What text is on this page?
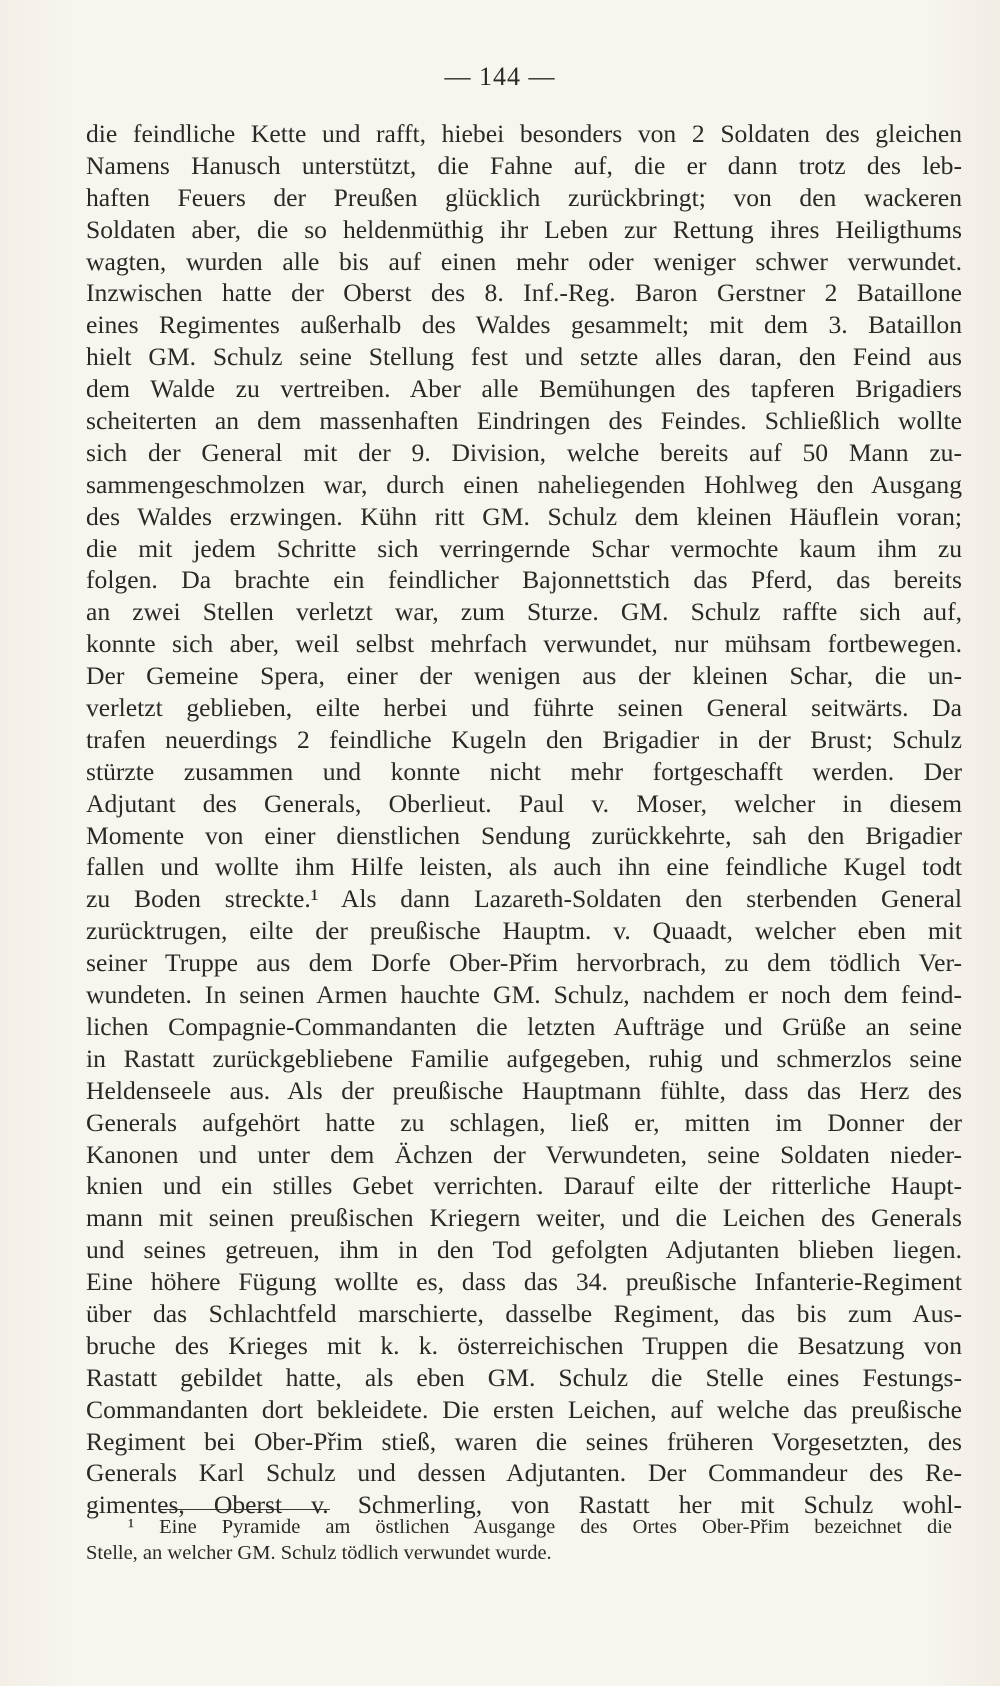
— 144 —
die feindliche Kette und rafft, hiebei besonders von 2 Soldaten des gleichen
Namens Hanusch unterstützt, die Fahne auf, die er dann trotz des leb-
haften Feuers der Preußen glücklich zurückbringt; von den wackeren
Soldaten aber, die so heldenmüthig ihr Leben zur Rettung ihres Heiligthums
wagten, wurden alle bis auf einen mehr oder weniger schwer verwundet.
Inzwischen hatte der Oberst des 8. Inf.-Reg. Baron Gerstner 2 Bataillone
eines Regimentes außerhalb des Waldes gesammelt; mit dem 3. Bataillon
hielt GM. Schulz seine Stellung fest und setzte alles daran, den Feind aus
dem Walde zu vertreiben. Aber alle Bemühungen des tapferen Brigadiers
scheiterten an dem massenhaften Eindringen des Feindes. Schließlich wollte
sich der General mit der 9. Division, welche bereits auf 50 Mann zu-
sammengeschmolzen war, durch einen naheliegenden Hohlweg den Ausgang
des Waldes erzwingen. Kühn ritt GM. Schulz dem kleinen Häuflein voran;
die mit jedem Schritte sich verringernde Schar vermochte kaum ihm zu
folgen. Da brachte ein feindlicher Bajonnettstich das Pferd, das bereits
an zwei Stellen verletzt war, zum Sturze. GM. Schulz raffte sich auf,
konnte sich aber, weil selbst mehrfach verwundet, nur mühsam fortbewegen.
Der Gemeine Spera, einer der wenigen aus der kleinen Schar, die un-
verletzt geblieben, eilte herbei und führte seinen General seitwärts. Da
trafen neuerdings 2 feindliche Kugeln den Brigadier in der Brust; Schulz
stürzte zusammen und konnte nicht mehr fortgeschafft werden. Der
Adjutant des Generals, Oberlieut. Paul v. Moser, welcher in diesem
Momente von einer dienstlichen Sendung zurückkehrte, sah den Brigadier
fallen und wollte ihm Hilfe leisten, als auch ihn eine feindliche Kugel todt
zu Boden streckte.¹ Als dann Lazareth-Soldaten den sterbenden General
zurücktrugen, eilte der preußische Hauptm. v. Quaadt, welcher eben mit
seiner Truppe aus dem Dorfe Ober-Přim hervorbrach, zu dem tödlich Ver-
wundeten. In seinen Armen hauchte GM. Schulz, nachdem er noch dem feind-
lichen Compagnie-Commandanten die letzten Aufträge und Grüße an seine
in Rastatt zurückgebliebene Familie aufgegeben, ruhig und schmerzlos seine
Heldenseele aus. Als der preußische Hauptmann fühlte, dass das Herz des
Generals aufgehört hatte zu schlagen, ließ er, mitten im Donner der
Kanonen und unter dem Ächzen der Verwundeten, seine Soldaten nieder-
knien und ein stilles Gebet verrichten. Darauf eilte der ritterliche Haupt-
mann mit seinen preußischen Kriegern weiter, und die Leichen des Generals
und seines getreuen, ihm in den Tod gefolgten Adjutanten blieben liegen.
Eine höhere Fügung wollte es, dass das 34. preußische Infanterie-Regiment
über das Schlachtfeld marschierte, dasselbe Regiment, das bis zum Aus-
bruche des Krieges mit k. k. österreichischen Truppen die Besatzung von
Rastatt gebildet hatte, als eben GM. Schulz die Stelle eines Festungs-
Commandanten dort bekleidete. Die ersten Leichen, auf welche das preußische
Regiment bei Ober-Přim stieß, waren die seines früheren Vorgesetzten, des
Generals Karl Schulz und dessen Adjutanten. Der Commandeur des Re-
gimentes, Oberst v. Schmerling, von Rastatt her mit Schulz wohl-
¹ Eine Pyramide am östlichen Ausgange des Ortes Ober-Přim bezeichnet die
Stelle, an welcher GM. Schulz tödlich verwundet wurde.
